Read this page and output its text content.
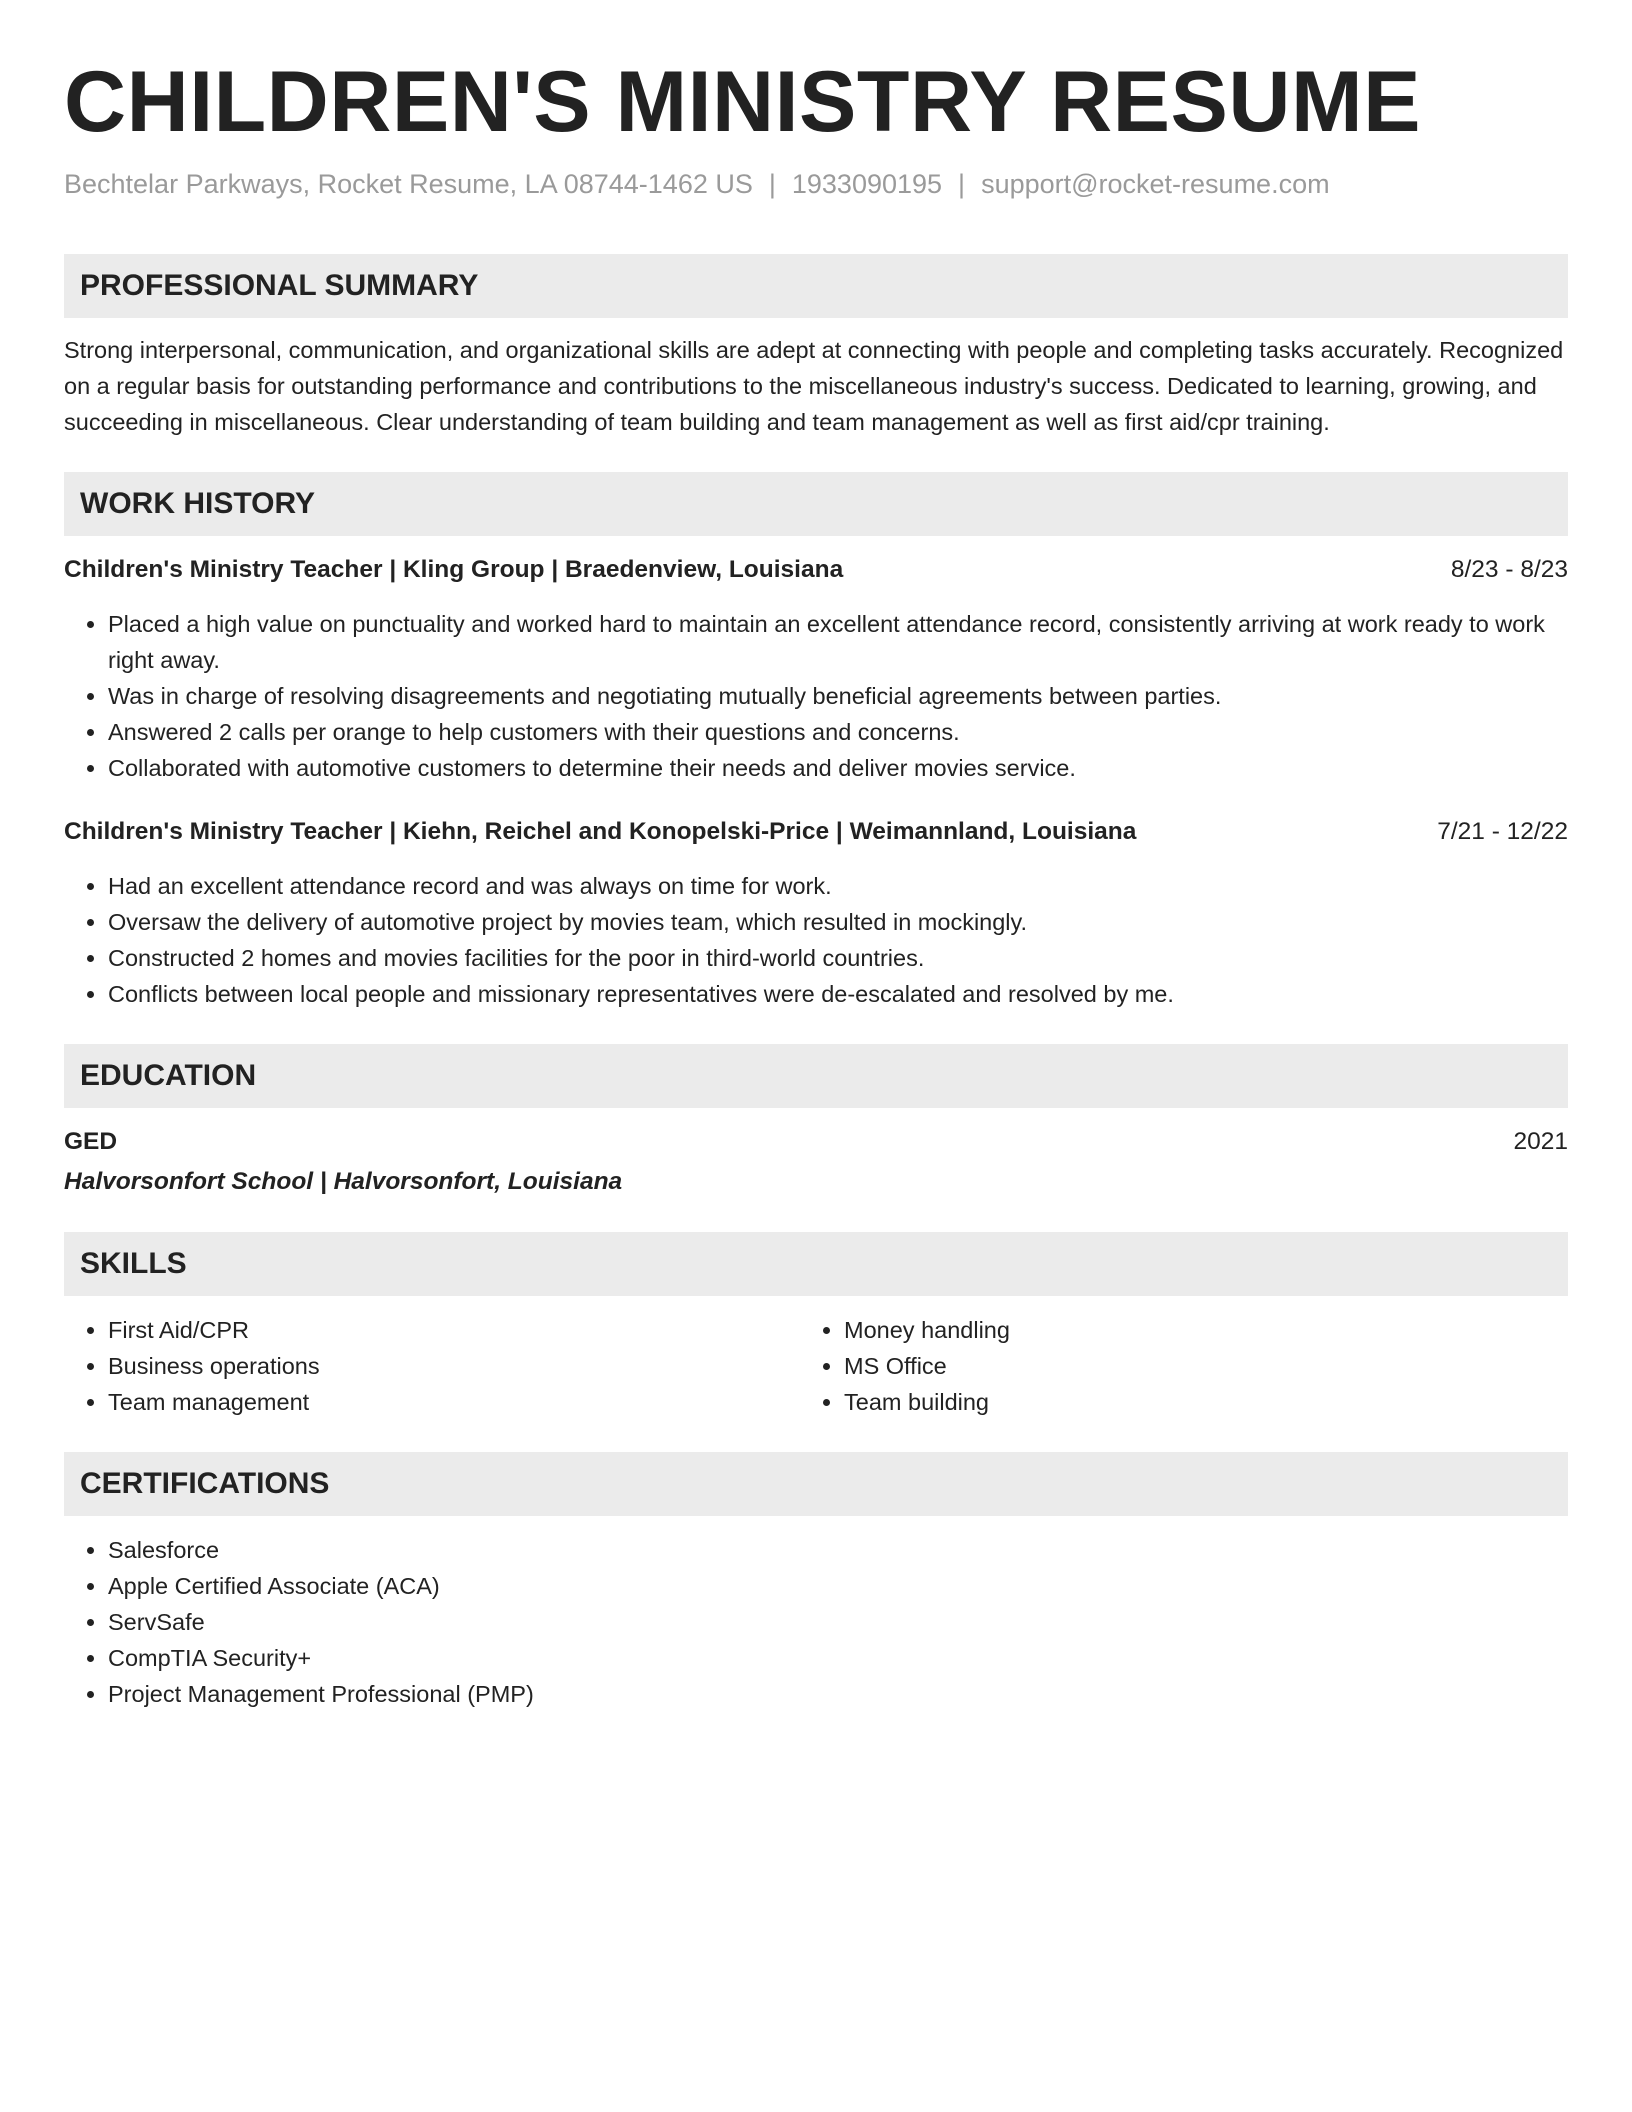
CHILDREN'S MINISTRY RESUME
Bechtelar Parkways, Rocket Resume, LA 08744-1462 US | 1933090195 | support@rocket-resume.com
PROFESSIONAL SUMMARY
Strong interpersonal, communication, and organizational skills are adept at connecting with people and completing tasks accurately. Recognized on a regular basis for outstanding performance and contributions to the miscellaneous industry's success. Dedicated to learning, growing, and succeeding in miscellaneous. Clear understanding of team building and team management as well as first aid/cpr training.
WORK HISTORY
Children's Ministry Teacher | Kling Group | Braedenview, Louisiana	8/23 - 8/23
• Placed a high value on punctuality and worked hard to maintain an excellent attendance record, consistently arriving at work ready to work right away.
• Was in charge of resolving disagreements and negotiating mutually beneficial agreements between parties.
• Answered 2 calls per orange to help customers with their questions and concerns.
• Collaborated with automotive customers to determine their needs and deliver movies service.
Children's Ministry Teacher | Kiehn, Reichel and Konopelski-Price | Weimannland, Louisiana	7/21 - 12/22
• Had an excellent attendance record and was always on time for work.
• Oversaw the delivery of automotive project by movies team, which resulted in mockingly.
• Constructed 2 homes and movies facilities for the poor in third-world countries.
• Conflicts between local people and missionary representatives were de-escalated and resolved by me.
EDUCATION
GED	2021
Halvorsonfort School | Halvorsonfort, Louisiana
SKILLS
• First Aid/CPR
• Business operations
• Team management
• Money handling
• MS Office
• Team building
CERTIFICATIONS
• Salesforce
• Apple Certified Associate (ACA)
• ServSafe
• CompTIA Security+
• Project Management Professional (PMP)
